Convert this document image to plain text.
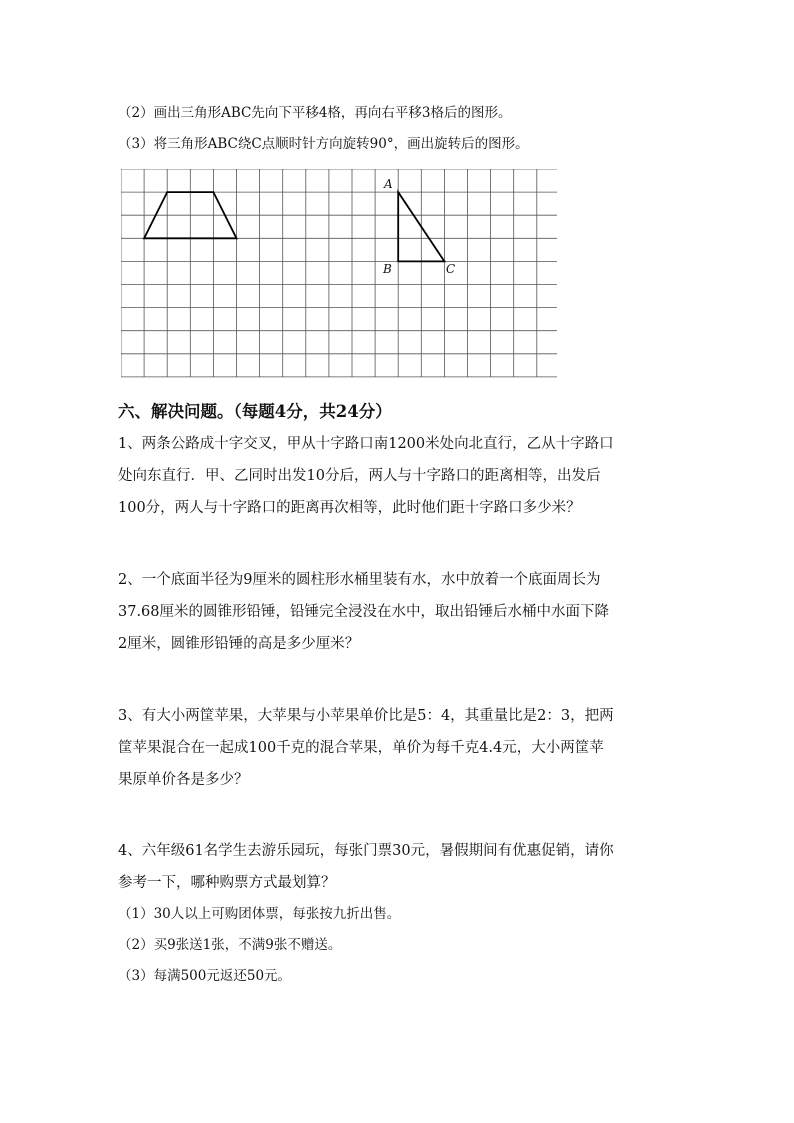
（2）画出三角形ABC先向下平移4格，再向右平移3格后的图形。
（3）将三角形ABC绕C点顺时针方向旋转90°，画出旋转后的图形。
A
B	C
六、解决问题。（每题4分，共24分）
1、两条公路成十字交叉，甲从十字路口南1200米处向北直行，乙从十字路口
处向东直行．甲、乙同时出发10分后，两人与十字路口的距离相等，出发后
100分，两人与十字路口的距离再次相等，此时他们距十字路口多少米？
2、一个底面半径为9厘米的圆柱形水桶里装有水，水中放着一个底面周长为
37.68厘米的圆锥形铅锤，铅锤完全浸没在水中，取出铅锤后水桶中水面下降
2厘米，圆锥形铅锤的高是多少厘米？
3、有大小两筐苹果，大苹果与小苹果单价比是5：4，其重量比是2：3，把两
筐苹果混合在一起成100千克的混合苹果，单价为每千克4.4元，大小两筐苹
果原单价各是多少？
4、六年级61名学生去游乐园玩，每张门票30元，暑假期间有优惠促销，请你
参考一下，哪种购票方式最划算？
（1）30人以上可购团体票，每张按九折出售。
（2）买9张送1张，不满9张不赠送。
（3）每满500元返还50元。
